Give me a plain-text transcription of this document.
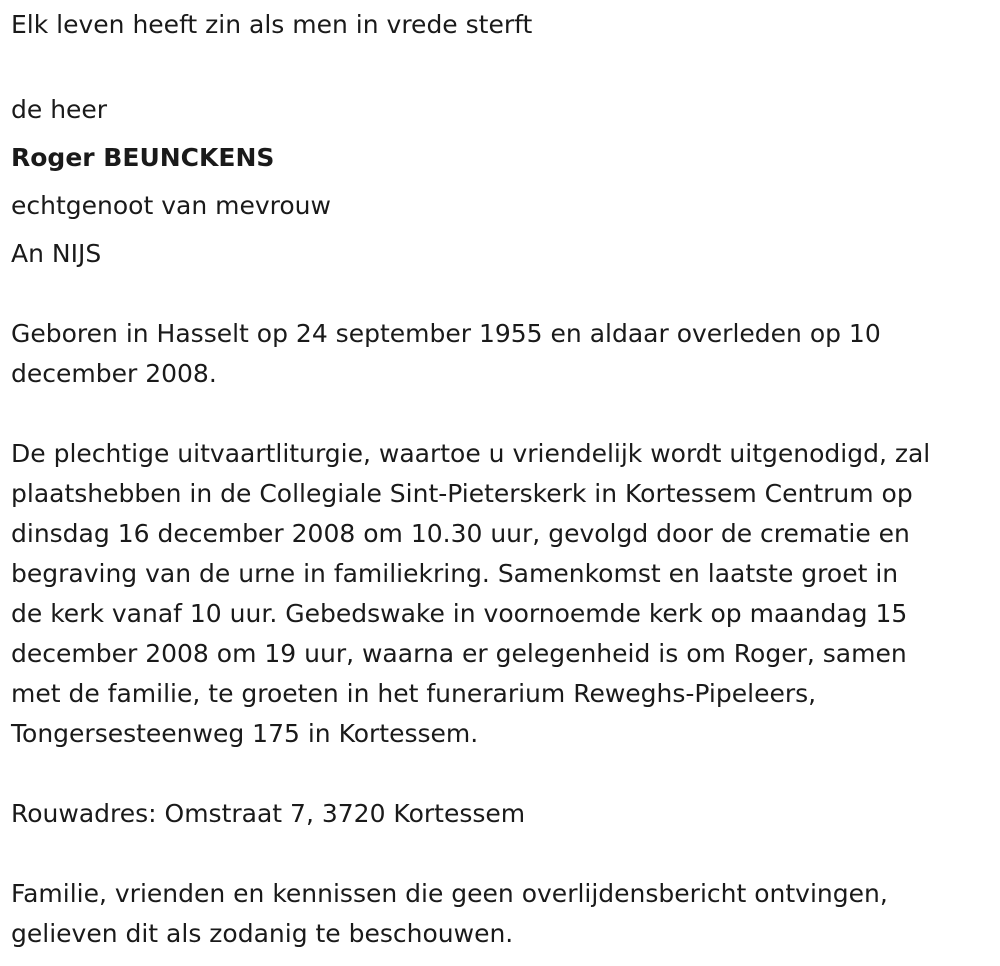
Elk leven heeft zin als men in vrede sterft

de heer

Roger BEUNCKENS

echtgenoot van mevrouw

An NIJS

Geboren in Hasselt op 24 september 1955 en aldaar overleden op 10

december 2008.

De plechtige uitvaartliturgie, waartoe u vriendelijk wordt uitgenodigd, zal

plaatshebben in de Collegiale Sint-Pieterskerk in Kortessem Centrum op

dinsdag 16 december 2008 om 10.30 uur, gevolgd door de crematie en

begraving van de urne in familiekring. Samenkomst en laatste groet in

de kerk vanaf 10 uur. Gebedswake in voornoemde kerk op maandag 15

december 2008 om 19 uur, waarna er gelegenheid is om Roger, samen

met de familie, te groeten in het funerarium Reweghs-Pipeleers,

Tongersesteenweg 175 in Kortessem.

Rouwadres: Omstraat 7, 3720 Kortessem

Familie, vrienden en kennissen die geen overlijdensbericht ontvingen,

gelieven dit als zodanig te beschouwen.
